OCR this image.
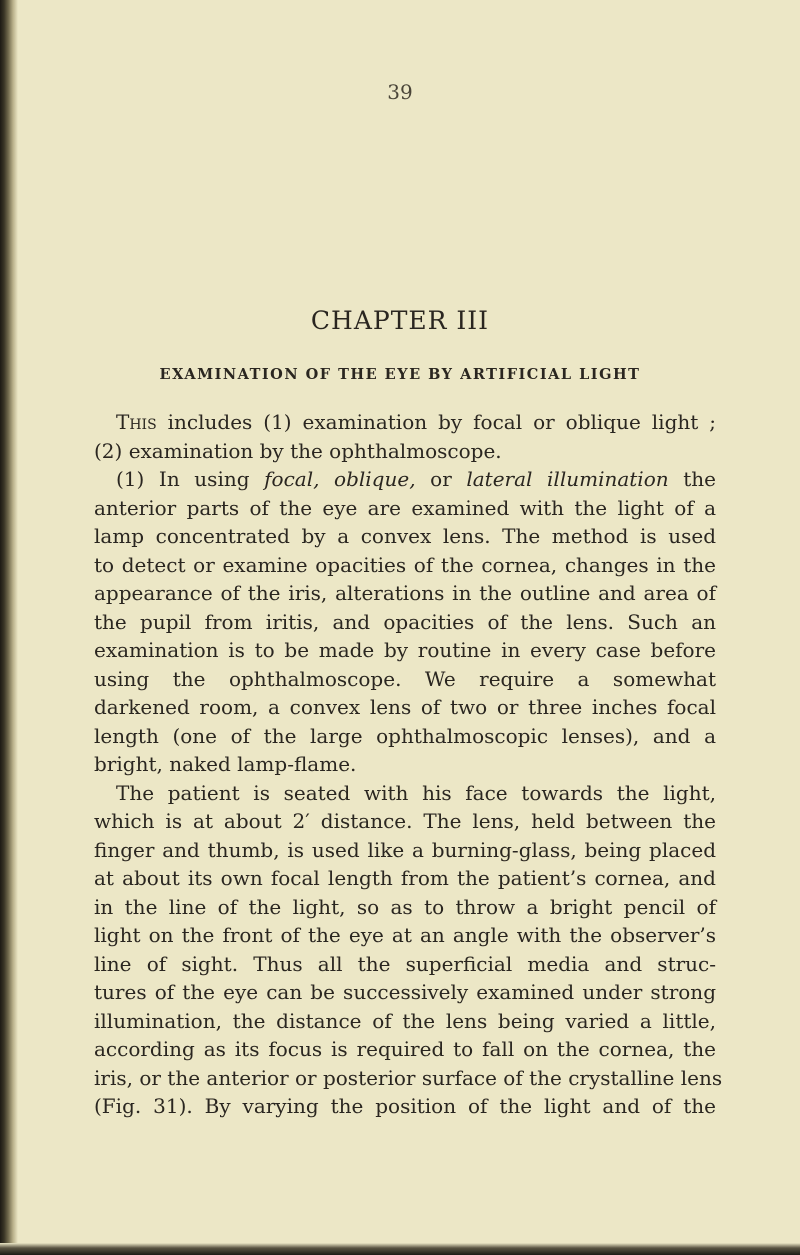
39
CHAPTER III
EXAMINATION OF THE EYE BY ARTIFICIAL LIGHT
This includes (1) examination by focal or oblique light ;
(2) examination by the ophthalmoscope.
(1) In using focal, oblique, or lateral illumination the
anterior parts of the eye are examined with the light of a
lamp concentrated by a convex lens. The method is used
to detect or examine opacities of the cornea, changes in the
appearance of the iris, alterations in the outline and area of
the pupil from iritis, and opacities of the lens. Such an
examination is to be made by routine in every case before
using the ophthalmoscope. We require a somewhat
darkened room, a convex lens of two or three inches focal
length (one of the large ophthalmoscopic lenses), and a
bright, naked lamp-flame.
The patient is seated with his face towards the light,
which is at about 2′ distance. The lens, held between the
finger and thumb, is used like a burning-glass, being placed
at about its own focal length from the patient’s cornea, and
in the line of the light, so as to throw a bright pencil of
light on the front of the eye at an angle with the observer’s
line of sight. Thus all the superficial media and struc-
tures of the eye can be successively examined under strong
illumination, the distance of the lens being varied a little,
according as its focus is required to fall on the cornea, the
iris, or the anterior or posterior surface of the crystalline lens
(Fig. 31). By varying the position of the light and of the
